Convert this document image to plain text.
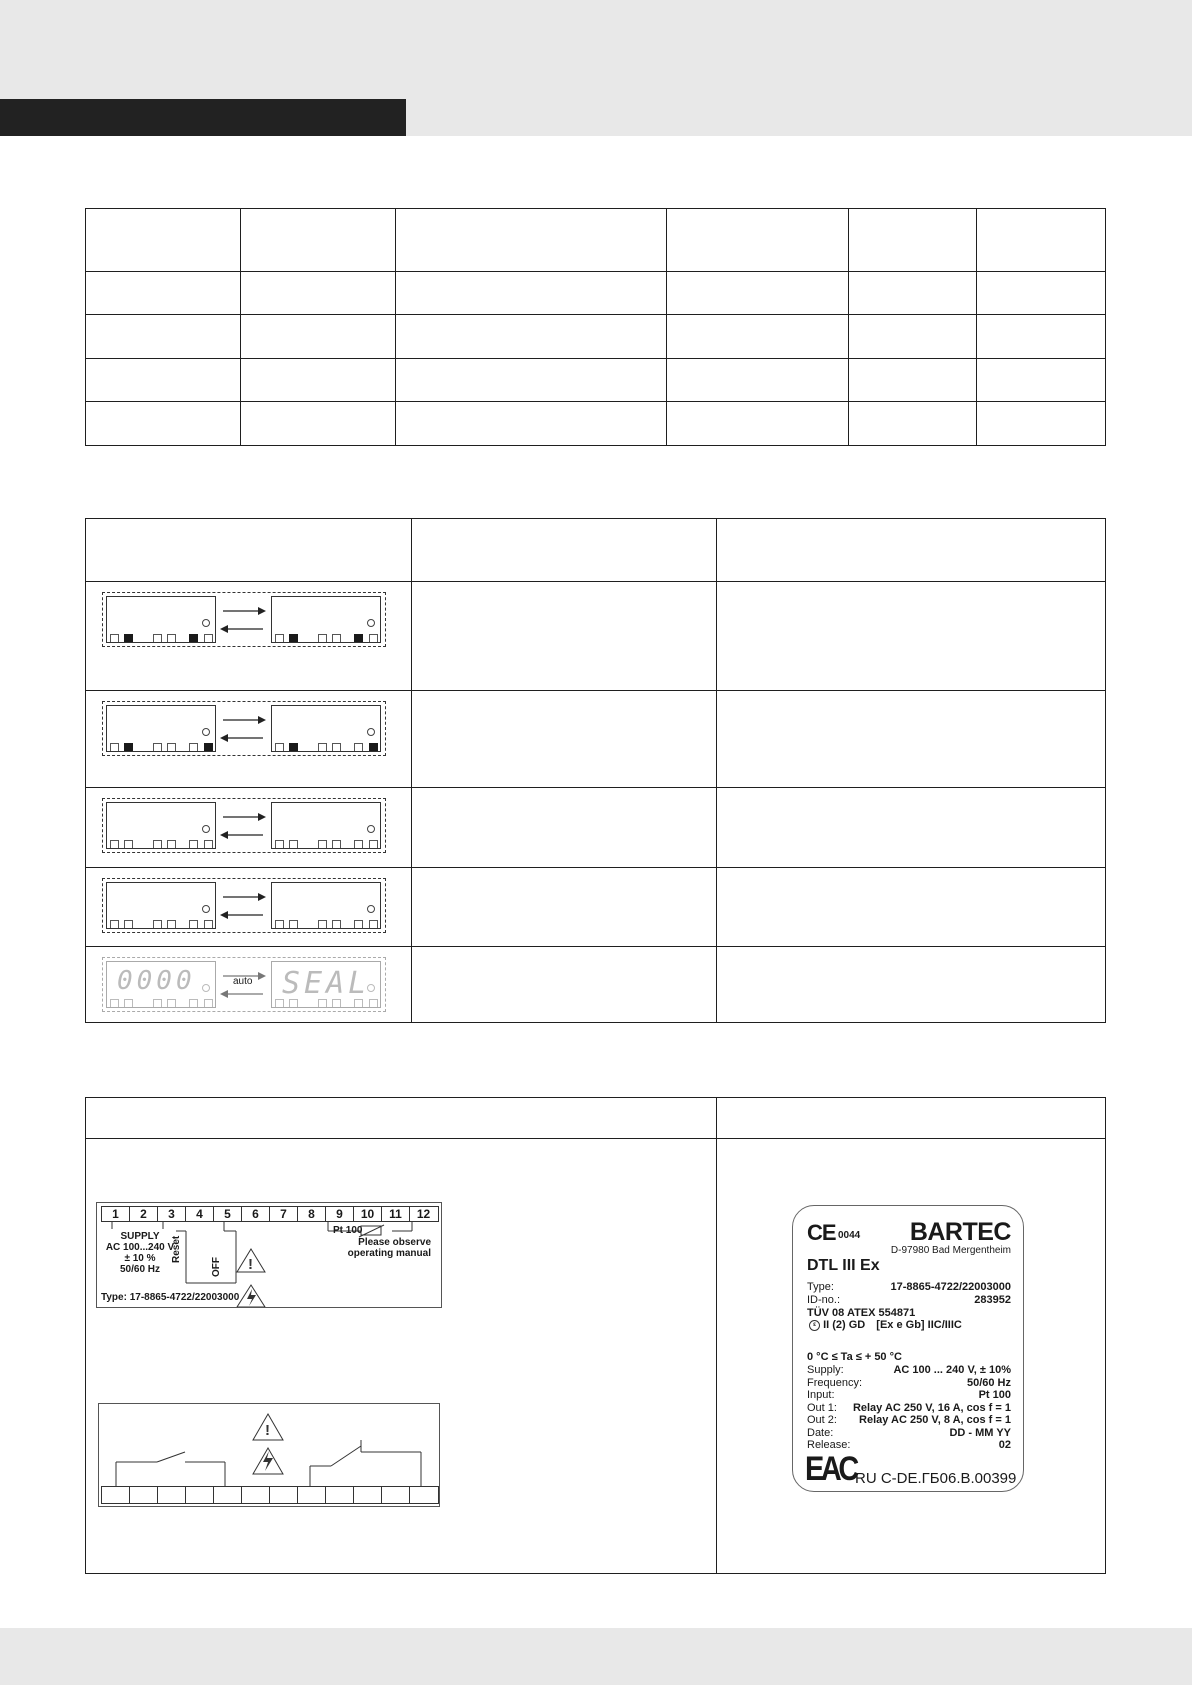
0000	SEAL
auto

1	2	3	4	5	6	7	8	9	10	11	12
!
SUPPLY
AC 100...240 V
± 10 %
50/60 Hz
Reset
OFF
Pt 100
Please observe
operating manual
Type: 17-8865-4722/22003000
!
CE 0044 BARTEC
D-97980 Bad Mergentheim
DTL III Ex
Type:	17-8865-4722/22003000
ID-no.:	283952
TÜV 08 ATEX 554871
ε II (2) GD [Ex e Gb] IIC/IIIC
0 °C ≤ Ta ≤ + 50 °C
Supply:	AC 100 ... 240 V, ± 10%
Frequency:	50/60 Hz
Input:	Pt 100
Out 1: Relay AC 250 V, 16 A, cos f = 1
Out 2: Relay AC 250 V, 8 A, cos f = 1
Date:	DD - MM YY
Release:	02
EAC RU C-DE.ГБ06.В.00399
